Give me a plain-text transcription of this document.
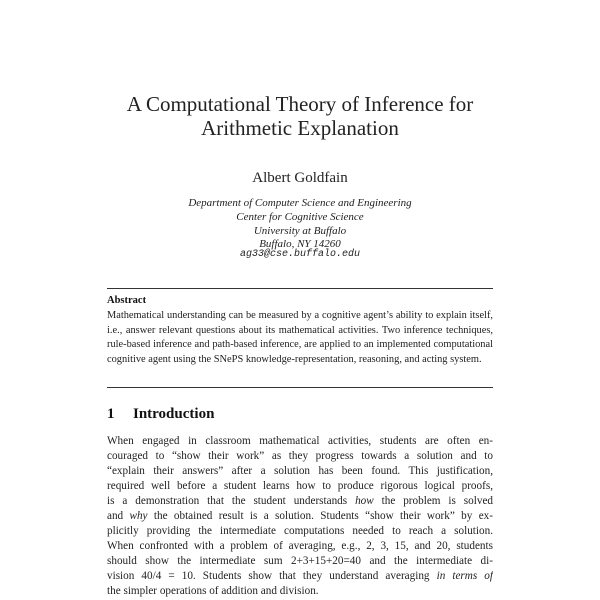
A Computational Theory of Inference for
Arithmetic Explanation
Albert Goldfain
Department of Computer Science and Engineering
Center for Cognitive Science
University at Buffalo
Buffalo, NY 14260
ag33@cse.buffalo.edu
Abstract
Mathematical understanding can be measured by a cognitive agent’s ability to explain itself, i.e., answer relevant questions about its mathematical activities. Two inference techniques, rule-based inference and path-based inference, are applied to an implemented computational cognitive agent using the SNePS knowledge-representation, reasoning, and acting system.
1 Introduction
When engaged in classroom mathematical activities, students are often en-
couraged to “show their work” as they progress towards a solution and to
“explain their answers” after a solution has been found. This justification,
required well before a student learns how to produce rigorous logical proofs,
is a demonstration that the student understands how the problem is solved
and why the obtained result is a solution. Students “show their work” by ex-
plicitly providing the intermediate computations needed to reach a solution.
When confronted with a problem of averaging, e.g., 2, 3, 15, and 20, students
should show the intermediate sum 2+3+15+20=40 and the intermediate di-
vision 40/4 = 10. Students show that they understand averaging in terms of
the simpler operations of addition and division.
